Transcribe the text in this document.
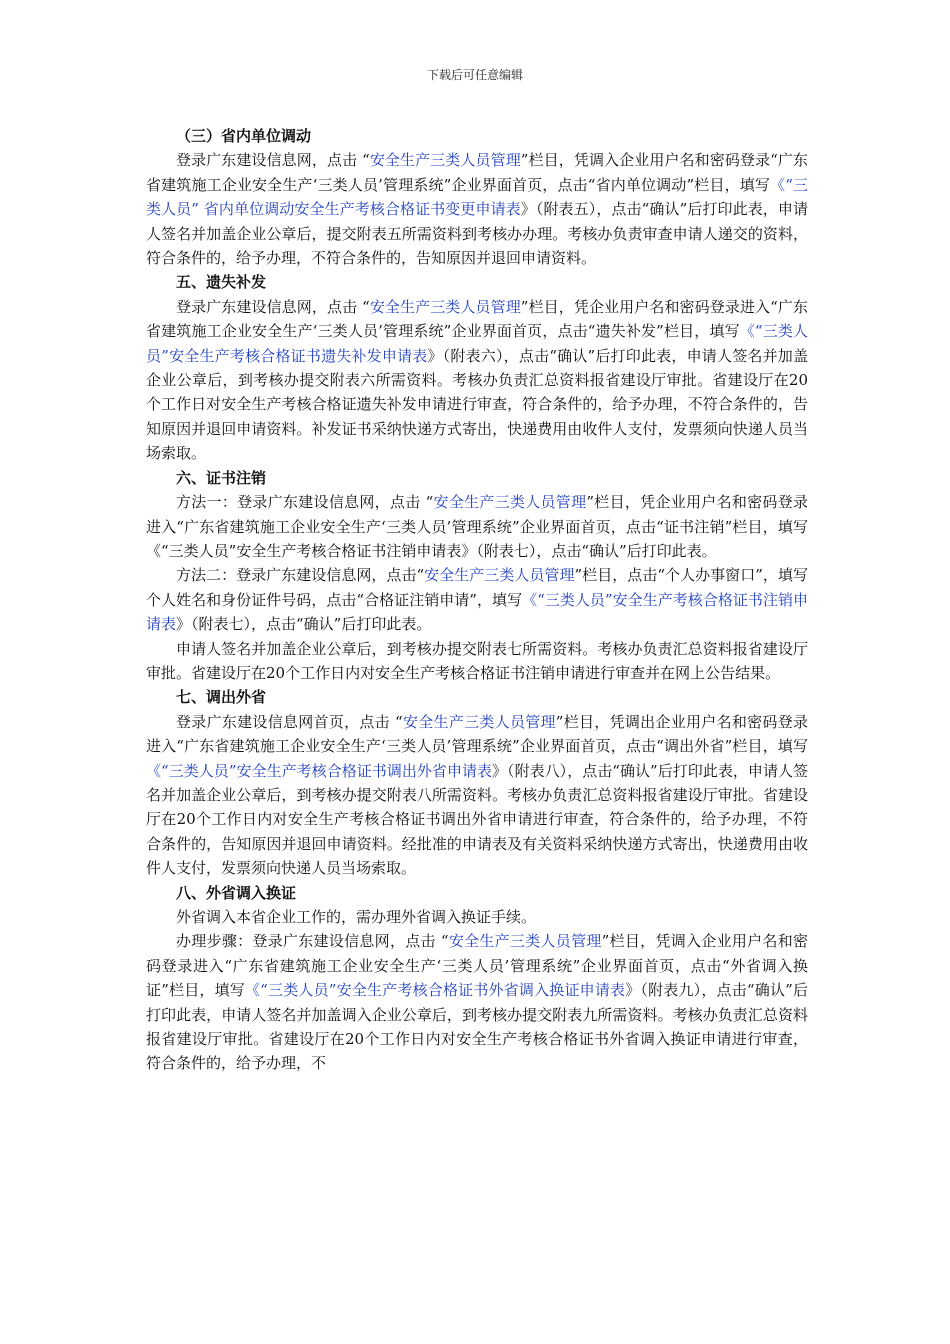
下载后可任意编辑
（三）省内单位调动

登录广东建设信息网，点击 “安全生产三类人员管理”栏目，凭调入企业用户名和密码登录“广东省建筑施工企业安全生产‘三类人员’管理系统”企业界面首页，点击“省内单位调动”栏目，填写《“三类人员” 省内单位调动安全生产考核合格证书变更申请表》（附表五），点击“确认”后打印此表，申请人签名并加盖企业公章后，提交附表五所需资料到考核办办理。考核办负责审查申请人递交的资料，符合条件的，给予办理，不符合条件的，告知原因并退回申请资料。

五、遗失补发

登录广东建设信息网，点击 “安全生产三类人员管理”栏目，凭企业用户名和密码登录进入“广东省建筑施工企业安全生产‘三类人员’管理系统”企业界面首页，点击“遗失补发”栏目，填写《“三类人员”安全生产考核合格证书遗失补发申请表》（附表六），点击“确认”后打印此表，申请人签名并加盖企业公章后，到考核办提交附表六所需资料。考核办负责汇总资料报省建设厅审批。省建设厅在20个工作日对安全生产考核合格证遗失补发申请进行审查，符合条件的，给予办理，不符合条件的，告知原因并退回申请资料。补发证书采纳快递方式寄出，快递费用由收件人支付，发票须向快递人员当场索取。

六、证书注销

方法一：登录广东建设信息网，点击 “安全生产三类人员管理”栏目，凭企业用户名和密码登录进入“广东省建筑施工企业安全生产‘三类人员’管理系统”企业界面首页，点击“证书注销”栏目，填写《“三类人员”安全生产考核合格证书注销申请表》（附表七），点击“确认”后打印此表。

方法二：登录广东建设信息网，点击“安全生产三类人员管理”栏目，点击“个人办事窗口”，填写个人姓名和身份证件号码，点击“合格证注销申请”，填写《“三类人员”安全生产考核合格证书注销申请表》（附表七），点击“确认”后打印此表。

申请人签名并加盖企业公章后，到考核办提交附表七所需资料。考核办负责汇总资料报省建设厅审批。省建设厅在20个工作日内对安全生产考核合格证书注销申请进行审查并在网上公告结果。

七、调出外省

登录广东建设信息网首页，点击 “安全生产三类人员管理”栏目，凭调出企业用户名和密码登录进入“广东省建筑施工企业安全生产‘三类人员’管理系统”企业界面首页，点击“调出外省”栏目，填写《“三类人员”安全生产考核合格证书调出外省申请表》（附表八），点击“确认”后打印此表，申请人签名并加盖企业公章后，到考核办提交附表八所需资料。考核办负责汇总资料报省建设厅审批。省建设厅在20个工作日内对安全生产考核合格证书调出外省申请进行审查，符合条件的，给予办理，不符合条件的，告知原因并退回申请资料。经批准的申请表及有关资料采纳快递方式寄出，快递费用由收件人支付，发票须向快递人员当场索取。

八、外省调入换证

外省调入本省企业工作的，需办理外省调入换证手续。

办理步骤：登录广东建设信息网，点击 “安全生产三类人员管理”栏目，凭调入企业用户名和密码登录进入“广东省建筑施工企业安全生产‘三类人员’管理系统”企业界面首页，点击“外省调入换证”栏目，填写《“三类人员”安全生产考核合格证书外省调入换证申请表》（附表九），点击“确认”后打印此表，申请人签名并加盖调入企业公章后，到考核办提交附表九所需资料。考核办负责汇总资料报省建设厅审批。省建设厅在20个工作日内对安全生产考核合格证书外省调入换证申请进行审查，符合条件的，给予办理，不
